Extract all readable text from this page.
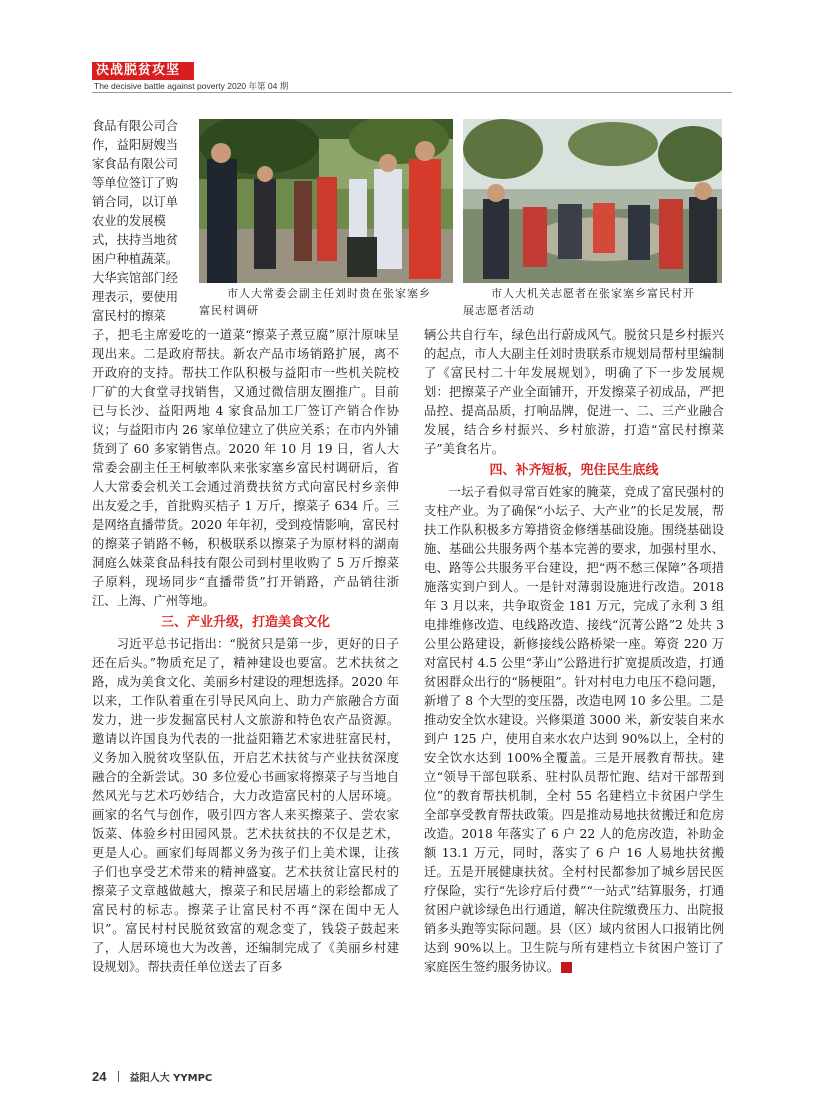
决战脱贫攻坚
The decisive battle against poverty 2020 年第 04 期
市人大常委会副主任刘时贵在张家塞乡
富民村调研
市人大机关志愿者在张家塞乡富民村开
展志愿者活动
食品有限公司合
作，益阳厨嫂当
家食品有限公司
等单位签订了购
销合同，以订单
农业的发展模
式，扶持当地贫
困户种植蔬菜。
大华宾馆部门经
理表示，要使用
富民村的擦菜

子，把毛主席爱吃的一道菜“擦菜子煮豆腐”原汁原味呈现出来。二是政府帮扶。新农产品市场销路扩展，离不开政府的支持。帮扶工作队积极与益阳市一些机关院校厂矿的大食堂寻找销售，又通过微信朋友圈推广。目前已与长沙、益阳两地 4 家食品加工厂签订产销合作协议；与益阳市内 26 家单位建立了供应关系；在市内外铺货到了 60 多家销售点。2020 年 10 月 19 日，省人大常委会副主任王柯敏率队来张家塞乡富民村调研后，省人大常委会机关工会通过消费扶贫方式向富民村乡亲伸出友爱之手，首批购买桔子 1 万斤，擦菜子 634 斤。三是网络直播带货。2020 年年初，受到疫情影响，富民村的擦菜子销路不畅，积极联系以擦菜子为原材料的湖南洞庭么妹菜食品科技有限公司到村里收购了 5 万斤擦菜子原料，现场同步“直播带货”打开销路，产品销往浙江、上海、广州等地。

三、产业升级，打造美食文化

习近平总书记指出：“脱贫只是第一步，更好的日子还在后头。”物质充足了，精神建设也要富。艺术扶贫之路，成为美食文化、美丽乡村建设的理想选择。2020 年以来，工作队着重在引导民风向上、助力产旅融合方面发力，进一步发掘富民村人文旅游和特色农产品资源。邀请以许国良为代表的一批益阳籍艺术家进驻富民村，义务加入脱贫攻坚队伍，开启艺术扶贫与产业扶贫深度融合的全新尝试。30 多位爱心书画家将擦菜子与当地自然风光与艺术巧妙结合，大力改造富民村的人居环境。画家的名气与创作，吸引四方客人来买擦菜子、尝农家饭菜、体验乡村田园风景。艺术扶贫扶的不仅是艺术，更是人心。画家们每周都义务为孩子们上美术课，让孩子们也享受艺术带来的精神盛宴。艺术扶贫让富民村的擦菜子文章越做越大，擦菜子和民居墙上的彩绘都成了富民村的标志。擦菜子让富民村不再“深在闺中无人识”。富民村村民脱贫致富的观念变了，钱袋子鼓起来了，人居环境也大为改善，还编制完成了《美丽乡村建设规划》。帮扶责任单位送去了百多

辆公共自行车，绿色出行蔚成风气。脱贫只是乡村振兴的起点，市人大副主任刘时贵联系市规划局帮村里编制了《富民村二十年发展规划》，明确了下一步发展规划：把擦菜子产业全面铺开，开发擦菜子初成品，严把品控、提高品质，打响品牌，促进一、二、三产业融合发展，结合乡村振兴、乡村旅游，打造“富民村擦菜子”美食名片。

四、补齐短板，兜住民生底线

一坛子看似寻常百姓家的腌菜，竞成了富民强村的支柱产业。为了确保“小坛子、大产业”的长足发展，帮扶工作队积极多方筹措资金修缮基础设施。围绕基础设施、基础公共服务两个基本完善的要求，加强村里水、电、路等公共服务平台建设，把“两不愁三保障”各项措施落实到户到人。一是针对薄弱设施进行改造。2018 年 3 月以来，共争取资金 181 万元，完成了永利 3 组电排维修改造、电线路改造、接线“沉菁公路”2 处共 3 公里公路建设，新修接线公路桥梁一座。筹资 220 万对富民村 4.5 公里“茅山”公路进行扩宽提质改造，打通贫困群众出行的“肠梗阻”。针对村电力电压不稳问题，新增了 8 个大型的变压器，改造电网 10 多公里。二是推动安全饮水建设。兴修渠道 3000 米，新安装自来水到户 125 户，使用自来水农户达到 90%以上，全村的安全饮水达到 100%全覆盖。三是开展教育帮扶。建立“领导干部包联系、驻村队员帮忙跑、结对干部帮到位”的教育帮扶机制，全村 55 名建档立卡贫困户学生全部享受教育帮扶政策。四是推动易地扶贫搬迁和危房改造。2018 年落实了 6 户 22 人的危房改造，补助金额 13.1 万元，同时，落实了 6 户 16 人易地扶贫搬迁。五是开展健康扶贫。全村村民都参加了城乡居民医疗保险，实行“先诊疗后付费”“一站式”结算服务，打通贫困户就诊绿色出行通道，解决住院缴费压力、出院报销多头跑等实际问题。县（区）域内贫困人口报销比例达到 90%以上。卫生院与所有建档立卡贫困户签订了家庭医生签约服务协议。	文

24 益阳人大 YYMPC
